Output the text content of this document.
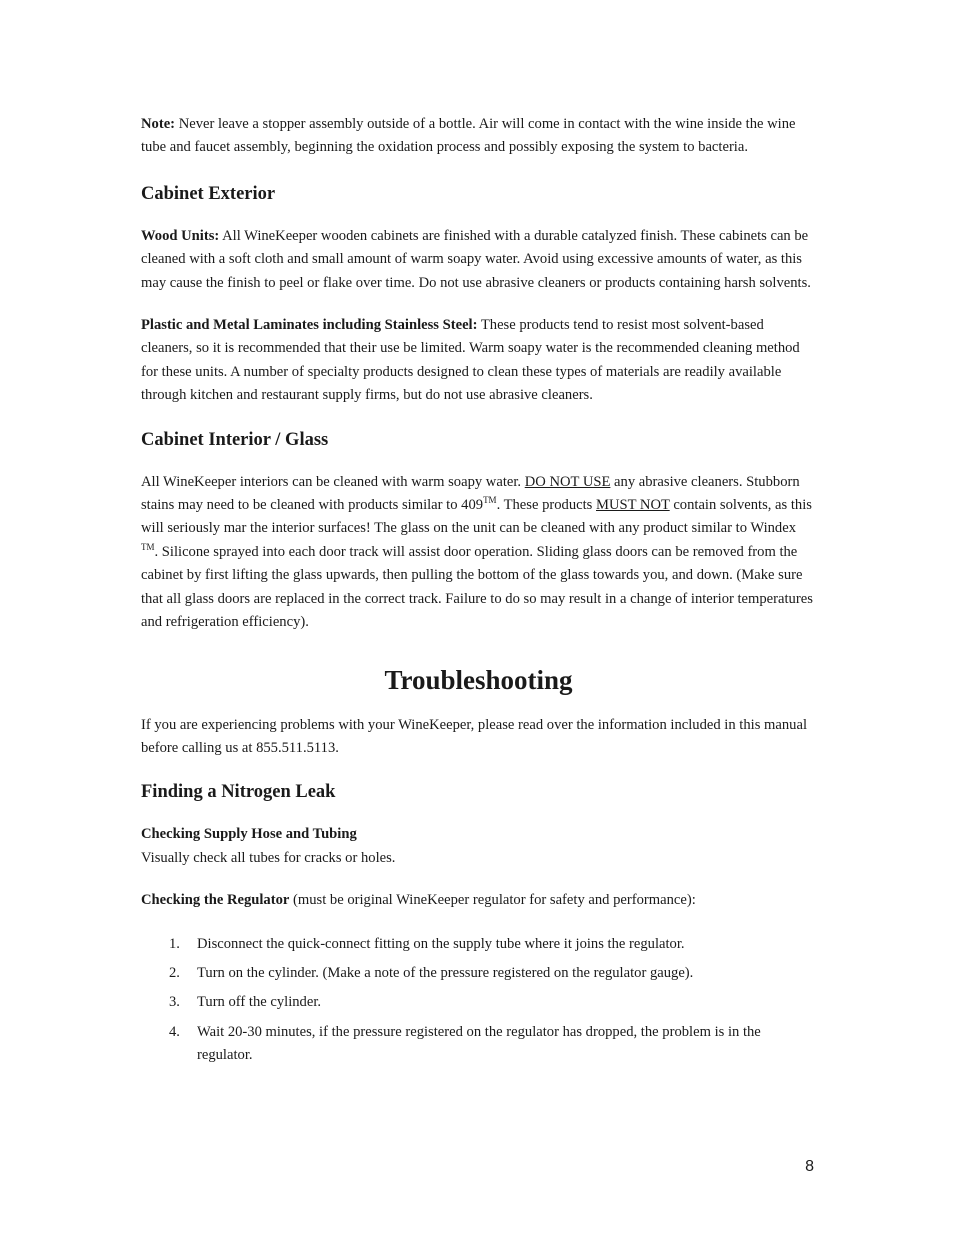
Note: Never leave a stopper assembly outside of a bottle. Air will come in contact with the wine inside the wine tube and faucet assembly, beginning the oxidation process and possibly exposing the system to bacteria.

Cabinet Exterior

Wood Units: All WineKeeper wooden cabinets are finished with a durable catalyzed finish. These cabinets can be cleaned with a soft cloth and small amount of warm soapy water. Avoid using excessive amounts of water, as this may cause the finish to peel or flake over time. Do not use abrasive cleaners or products containing harsh solvents.

Plastic and Metal Laminates including Stainless Steel: These products tend to resist most solvent-based cleaners, so it is recommended that their use be limited. Warm soapy water is the recommended cleaning method for these units. A number of specialty products designed to clean these types of materials are readily available through kitchen and restaurant supply firms, but do not use abrasive cleaners.

Cabinet Interior / Glass

All WineKeeper interiors can be cleaned with warm soapy water. DO NOT USE any abrasive cleaners. Stubborn stains may need to be cleaned with products similar to 409™. These products MUST NOT contain solvents, as this will seriously mar the interior surfaces! The glass on the unit can be cleaned with any product similar to Windex ™. Silicone sprayed into each door track will assist door operation. Sliding glass doors can be removed from the cabinet by first lifting the glass upwards, then pulling the bottom of the glass towards you, and down. (Make sure that all glass doors are replaced in the correct track. Failure to do so may result in a change of interior temperatures and refrigeration efficiency).

Troubleshooting

If you are experiencing problems with your WineKeeper, please read over the information included in this manual before calling us at 855.511.5113.

Finding a Nitrogen Leak

Checking Supply Hose and Tubing

Visually check all tubes for cracks or holes.

Checking the Regulator (must be original WineKeeper regulator for safety and performance):

1. Disconnect the quick-connect fitting on the supply tube where it joins the regulator.
2. Turn on the cylinder. (Make a note of the pressure registered on the regulator gauge).
3. Turn off the cylinder.
4. Wait 20-30 minutes, if the pressure registered on the regulator has dropped, the problem is in the regulator.
8
